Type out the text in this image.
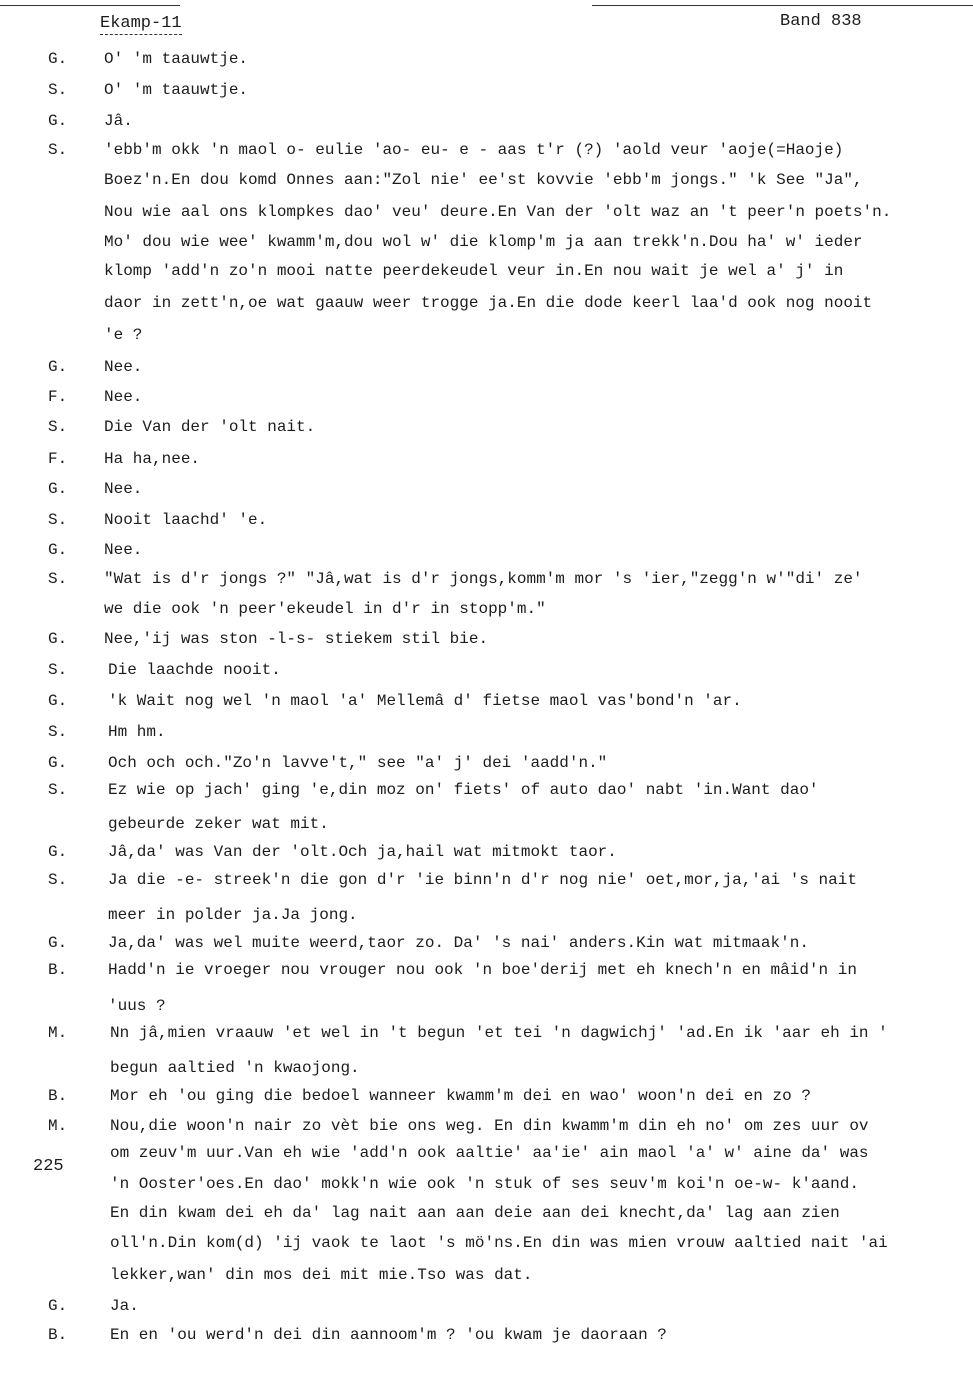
Ekamp-11	Band 838
225
G.	O' 'm taauwtje.
S.	O' 'm taauwtje.
G.	Jâ.
S.	'ebb'm okk 'n maol o- eulie 'ao- eu- e - aas t'r (?) 'aold veur 'aoje(=Haoje)
Boez'n.En dou komd Onnes aan:"Zol nie' ee'st kovvie 'ebb'm jongs." 'k See "Ja",
Nou wie aal ons klompkes dao' veu' deure.En Van der 'olt waz an 't peer'n poets'n.
Mo' dou wie wee' kwamm'm,dou wol w' die klomp'm ja aan trekk'n.Dou ha' w' ieder
klomp 'add'n zo'n mooi natte peerdekeudel veur in.En nou wait je wel a' j' in
daor in zett'n,oe wat gaauw weer trogge ja.En die dode keerl laa'd ook nog nooit
'e ?
G.	Nee.
F.	Nee.
S.	Die Van der 'olt nait.
F.	Ha ha,nee.
G.	Nee.
S.	Nooit laachd' 'e.
G.	Nee.
S.	"Wat is d'r jongs ?" "Jâ,wat is d'r jongs,komm'm mor 's 'ier,"zegg'n w'"di' ze'
we die ook 'n peer'ekeudel in d'r in stopp'm."
G.	Nee,'ij was ston -l-s- stiekem stil bie.
S.	Die laachde nooit.
G.	'k Wait nog wel 'n maol 'a' Mellemâ d' fietse maol vas'bond'n 'ar.
S.	Hm hm.
G.	Och och och."Zo'n lavve't," see "a' j' dei 'aadd'n."
S.	Ez wie op jach' ging 'e,din moz on' fiets' of auto dao' nabt 'in.Want dao'
gebeurde zeker wat mit.
G.	Jâ,da' was Van der 'olt.Och ja,hail wat mitmokt taor.
S.	Ja die -e- streek'n die gon d'r 'ie binn'n d'r nog nie' oet,mor,ja,'ai 's nait
meer in polder ja.Ja jong.
G.	Ja,da' was wel muite weerd,taor zo. Da' 's nai' anders.Kin wat mitmaak'n.
B.	Hadd'n ie vroeger nou vrouger nou ook 'n boe'derij met eh knech'n en mâid'n in
'uus ?
M.	Nn jâ,mien vraauw 'et wel in 't begun 'et tei 'n dagwichj' 'ad.En ik 'aar eh in '
begun aaltied 'n kwaojong.
B.	Mor eh 'ou ging die bedoel wanneer kwamm'm dei en wao' woon'n dei en zo ?
M.	Nou,die woon'n nair zo vèt bie ons weg. En din kwamm'm din eh no' om zes uur ov
om zeuv'm uur.Van eh wie 'add'n ook aaltie' aa'ie' ain maol 'a' w' aine da' was
'n Ooster'oes.En dao' mokk'n wie ook 'n stuk of ses seuv'm koi'n oe-w- k'aand.
En din kwam dei eh da' lag nait aan aan deie aan dei knecht,da' lag aan zien
oll'n.Din kom(d) 'ij vaok te laot 's mö'ns.En din was mien vrouw aaltied nait 'ai
lekker,wan' din mos dei mit mie.Tso was dat.
G.	Ja.
B.	En en 'ou werd'n dei din aannoom'm ? 'ou kwam je daoraan ?
